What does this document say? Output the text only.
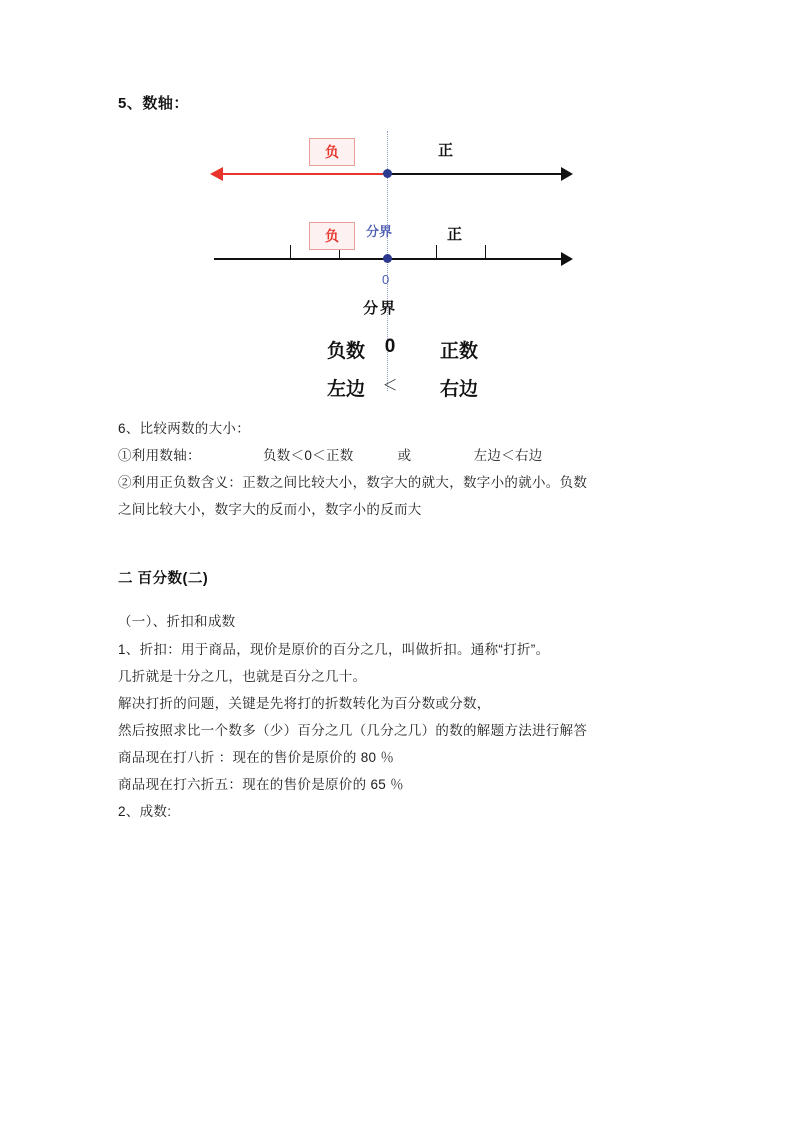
5、数轴：
负	正
负	分界	正
0
分界
负数	0	正数
左边	＜	右边
6、比较两数的大小：
①利用数轴：	负数＜0＜正数	或	左边＜右边
②利用正负数含义：正数之间比较大小，数字大的就大，数字小的就小。负数
之间比较大小，数字大的反而小，数字小的反而大
二 百分数(二)
（一）、折扣和成数
1、折扣：用于商品，现价是原价的百分之几，叫做折扣。通称“打折”。
几折就是十分之几，也就是百分之几十。
解决打折的问题，关键是先将打的折数转化为百分数或分数，
然后按照求比一个数多（少）百分之几（几分之几）的数的解题方法进行解答
商品现在打八折 ：现在的售价是原价的 80 ％
商品现在打六折五：现在的售价是原价的 65 ％
2、成数:
